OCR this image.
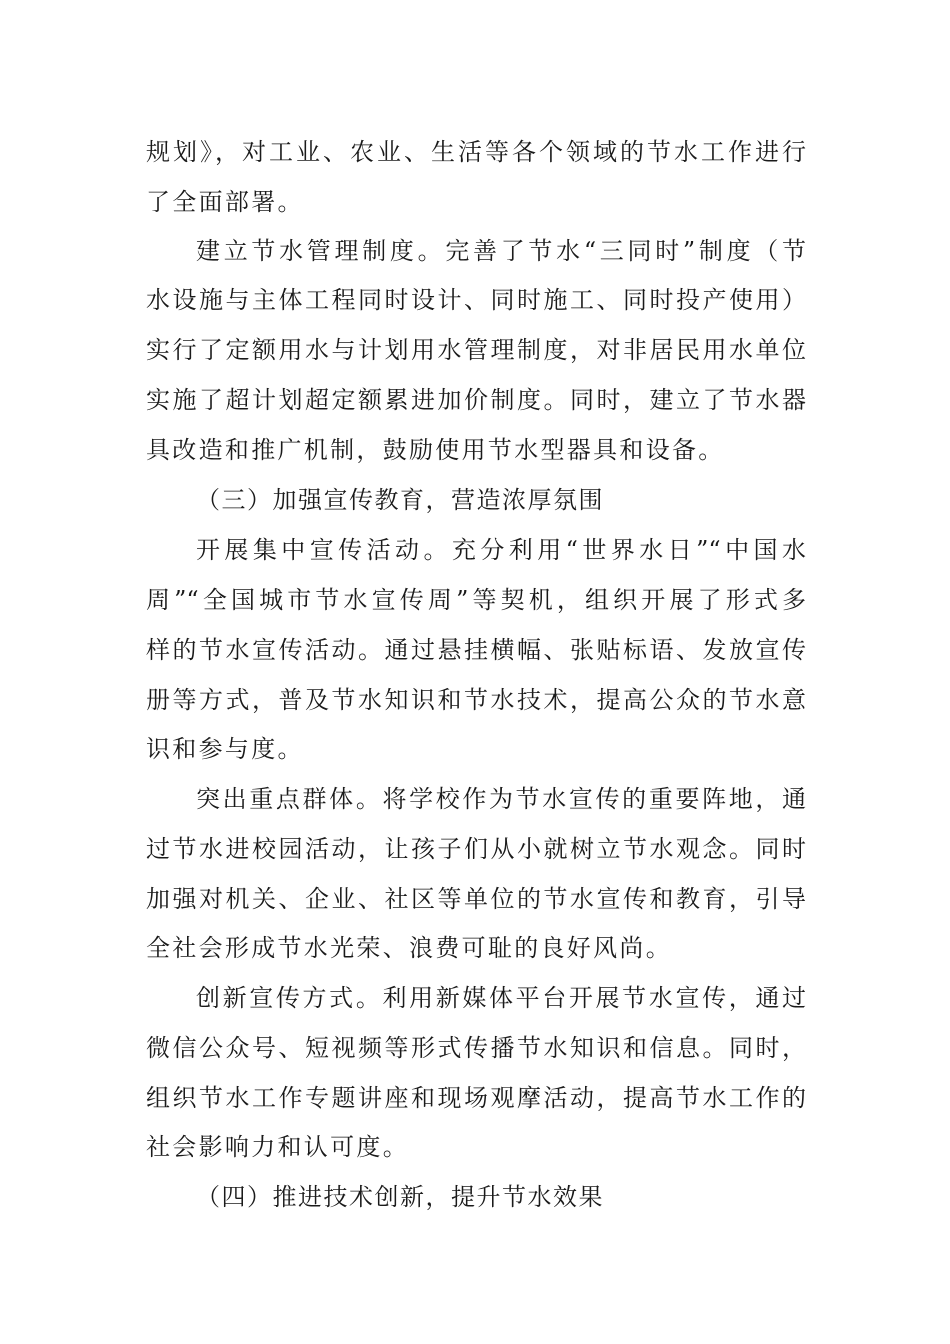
规划》，对工业、农业、生活等各个领域的节水工作进行

了全面部署。

建立节水管理制度。完善了节水“三同时”制度（节

水设施与主体工程同时设计、同时施工、同时投产使用）

实行了定额用水与计划用水管理制度，对非居民用水单位

实施了超计划超定额累进加价制度。同时，建立了节水器

具改造和推广机制，鼓励使用节水型器具和设备。

（三）加强宣传教育，营造浓厚氛围

开展集中宣传活动。充分利用“世界水日”“中国水

周”“全国城市节水宣传周”等契机，组织开展了形式多

样的节水宣传活动。通过悬挂横幅、张贴标语、发放宣传

册等方式，普及节水知识和节水技术，提高公众的节水意

识和参与度。

突出重点群体。将学校作为节水宣传的重要阵地，通

过节水进校园活动，让孩子们从小就树立节水观念。同时

加强对机关、企业、社区等单位的节水宣传和教育，引导

全社会形成节水光荣、浪费可耻的良好风尚。

创新宣传方式。利用新媒体平台开展节水宣传，通过

微信公众号、短视频等形式传播节水知识和信息。同时，

组织节水工作专题讲座和现场观摩活动，提高节水工作的

社会影响力和认可度。

（四）推进技术创新，提升节水效果
